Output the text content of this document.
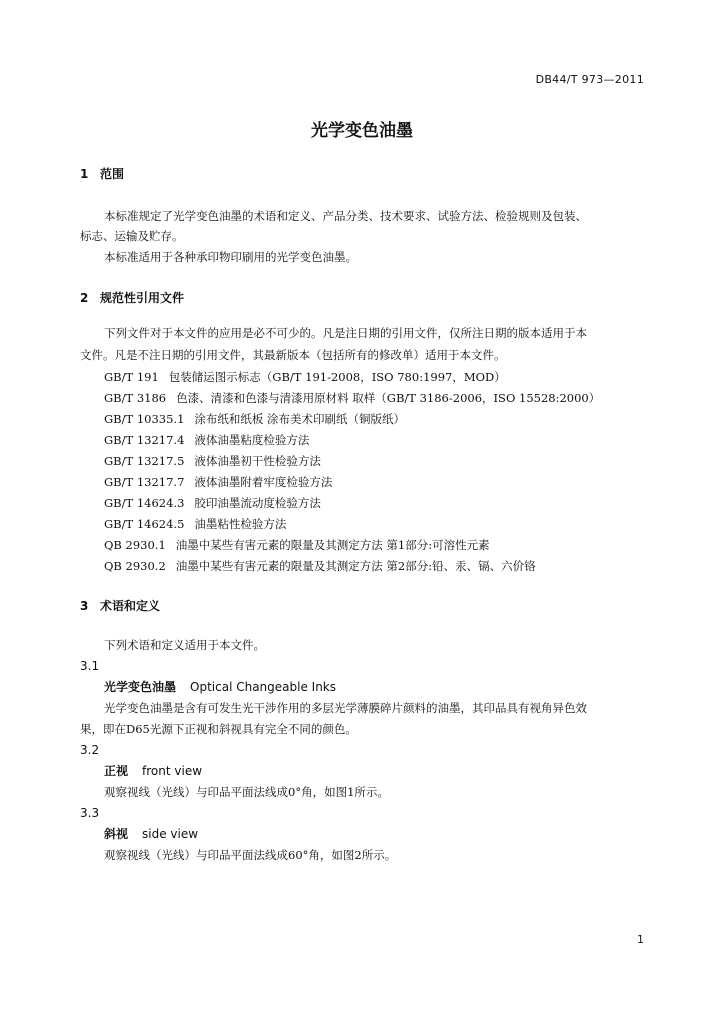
DB44/T 973—2011
光学变色油墨
1 范围
本标准规定了光学变色油墨的术语和定义、产品分类、技术要求、试验方法、检验规则及包装、
标志、运输及贮存。
本标准适用于各种承印物印刷用的光学变色油墨。
2 规范性引用文件
下列文件对于本文件的应用是必不可少的。凡是注日期的引用文件，仅所注日期的版本适用于本
文件。凡是不注日期的引用文件，其最新版本（包括所有的修改单）适用于本文件。
GB/T 191 包装储运图示标志（GB/T 191-2008，ISO 780:1997，MOD）
GB/T 3186 色漆、清漆和色漆与清漆用原材料 取样（GB/T 3186-2006，ISO 15528:2000）
GB/T 10335.1 涂布纸和纸板 涂布美术印刷纸（铜版纸）
GB/T 13217.4 液体油墨粘度检验方法
GB/T 13217.5 液体油墨初干性检验方法
GB/T 13217.7 液体油墨附着牢度检验方法
GB/T 14624.3 胶印油墨流动度检验方法
GB/T 14624.5 油墨粘性检验方法
QB 2930.1 油墨中某些有害元素的限量及其测定方法 第1部分:可溶性元素
QB 2930.2 油墨中某些有害元素的限量及其测定方法 第2部分:铅、汞、镉、六价铬
3 术语和定义
下列术语和定义适用于本文件。
3.1
光学变色油墨 Optical Changeable Inks
光学变色油墨是含有可发生光干涉作用的多层光学薄膜碎片颜料的油墨，其印品具有视角异色效
果，即在D65光源下正视和斜视具有完全不同的颜色。
3.2
正视 front view
观察视线（光线）与印品平面法线成0°角，如图1所示。
3.3
斜视 side view
观察视线（光线）与印品平面法线成60°角，如图2所示。
1
